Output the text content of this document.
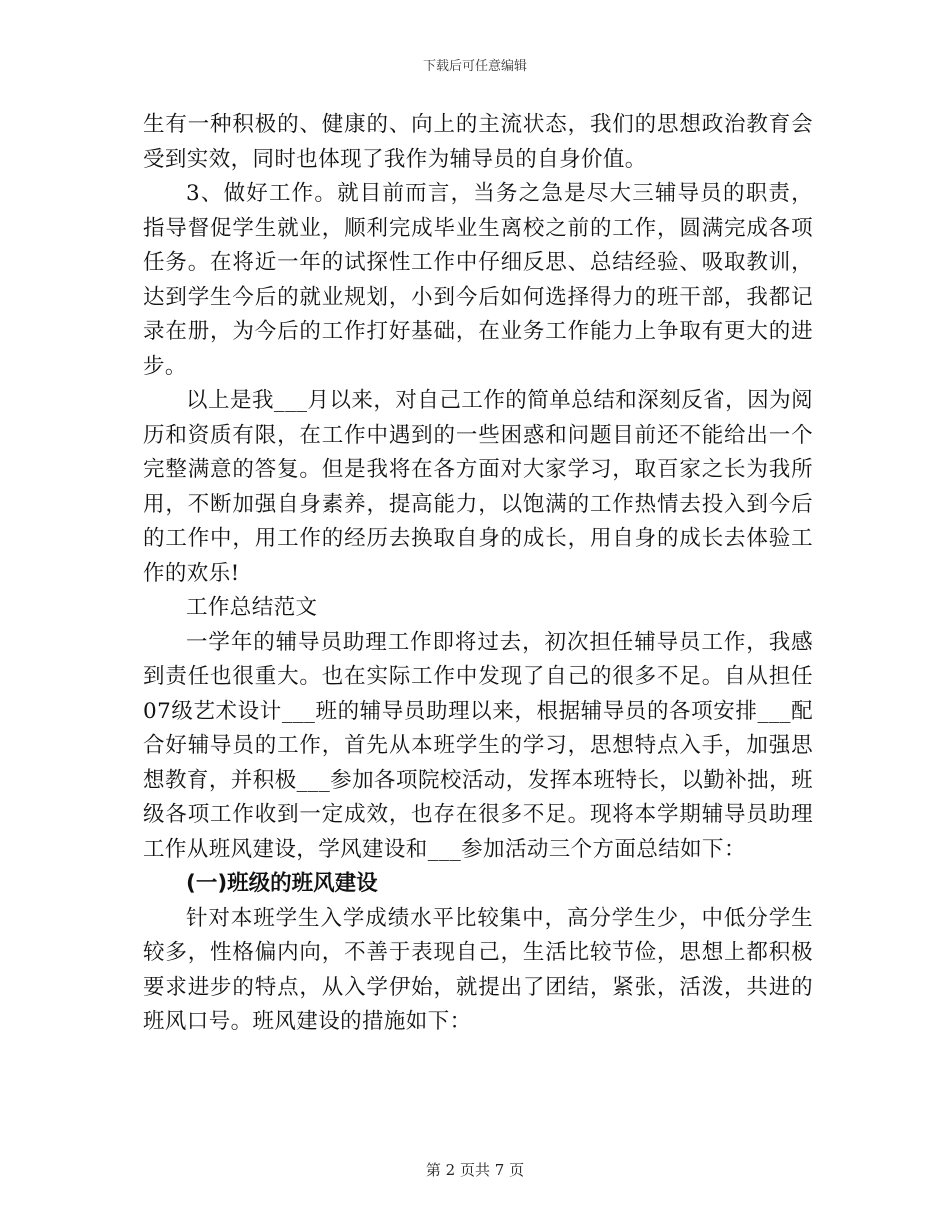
下载后可任意编辑

生有一种积极的、健康的、向上的主流状态，我们的思想政治教育会受到实效，同时也体现了我作为辅导员的自身价值。

3、做好工作。就目前而言，当务之急是尽大三辅导员的职责，指导督促学生就业，顺利完成毕业生离校之前的工作，圆满完成各项任务。在将近一年的试探性工作中仔细反思、总结经验、吸取教训，达到学生今后的就业规划，小到今后如何选择得力的班干部，我都记录在册，为今后的工作打好基础，在业务工作能力上争取有更大的进步。

以上是我___月以来，对自己工作的简单总结和深刻反省，因为阅历和资质有限，在工作中遇到的一些困惑和问题目前还不能给出一个完整满意的答复。但是我将在各方面对大家学习，取百家之长为我所用，不断加强自身素养，提高能力，以饱满的工作热情去投入到今后的工作中，用工作的经历去换取自身的成长，用自身的成长去体验工作的欢乐!

工作总结范文

一学年的辅导员助理工作即将过去，初次担任辅导员工作，我感到责任也很重大。也在实际工作中发现了自己的很多不足。自从担任07级艺术设计___班的辅导员助理以来，根据辅导员的各项安排___配合好辅导员的工作，首先从本班学生的学习，思想特点入手，加强思想教育，并积极___参加各项院校活动，发挥本班特长，以勤补拙，班级各项工作收到一定成效，也存在很多不足。现将本学期辅导员助理工作从班风建设，学风建设和___参加活动三个方面总结如下：

(一)班级的班风建设

针对本班学生入学成绩水平比较集中，高分学生少，中低分学生较多，性格偏内向，不善于表现自己，生活比较节俭，思想上都积极要求进步的特点，从入学伊始，就提出了团结，紧张，活泼，共进的班风口号。班风建设的措施如下：

第 2 页共 7 页
